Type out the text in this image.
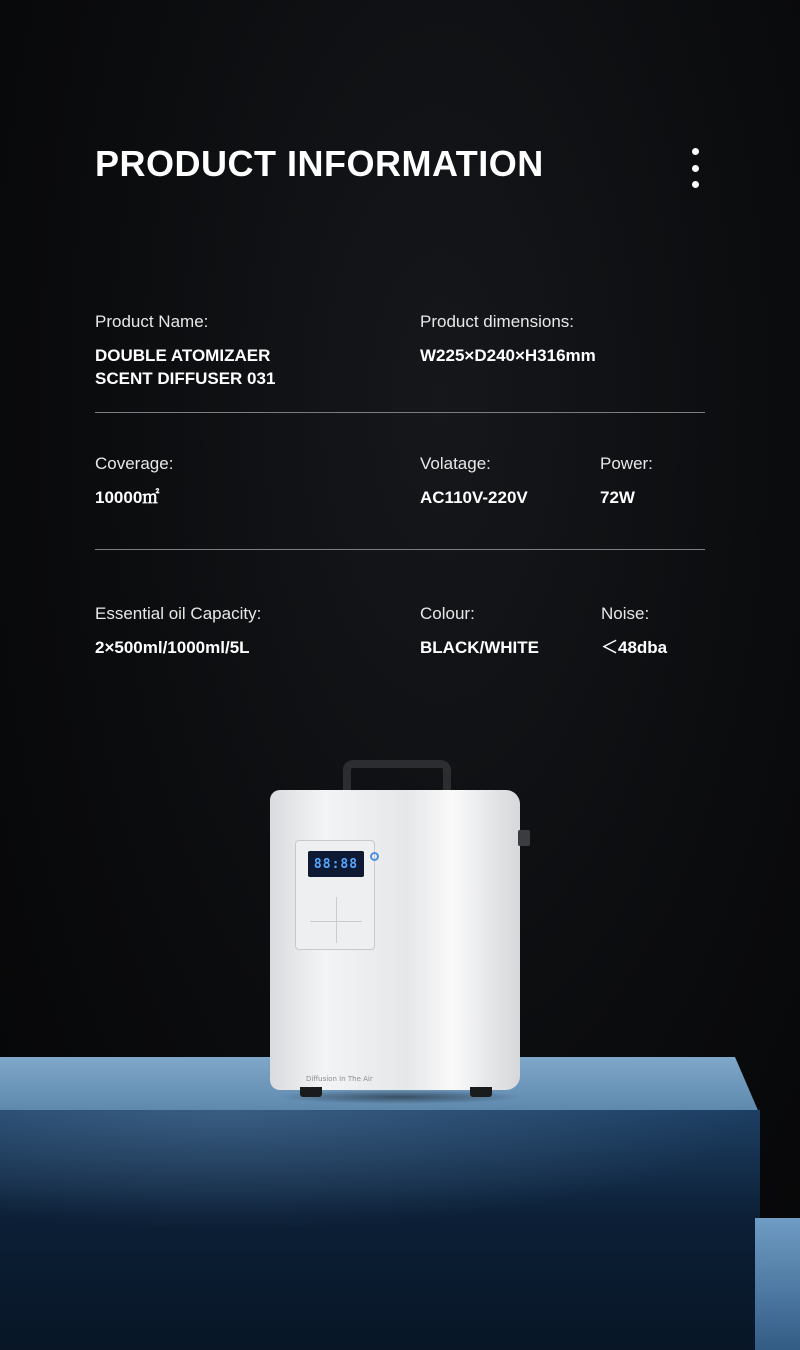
PRODUCT INFORMATION
Product Name:
DOUBLE ATOMIZAER
SCENT DIFFUSER 031
Product dimensions:
W225×D240×H316mm
Coverage:
10000㎡
Volatage:
AC110V-220V
Power:
72W
Essential oil Capacity:
2×500ml/1000ml/5L
Colour:
BLACK/WHITE
Noise:
＜48dba
88:88
Diffusion In The Air
